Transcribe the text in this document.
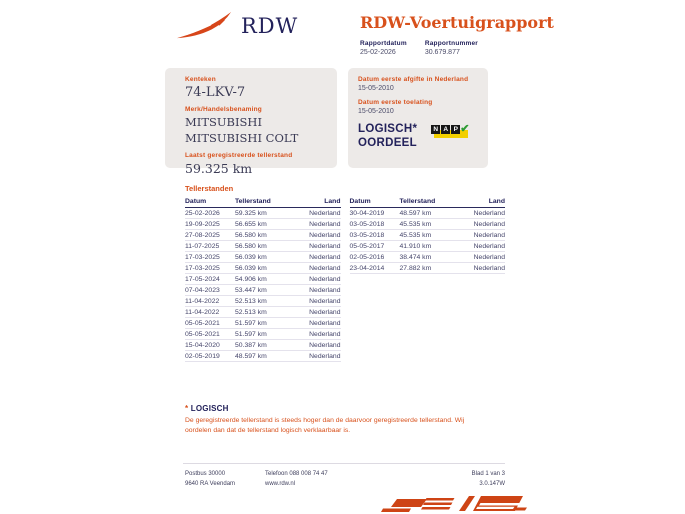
RDW	RDW-Voertuigrapport
Rapportdatum
25-02-2026
Rapportnummer
30.679.877
Kenteken
74-LKV-7
Merk/Handelsbenaming
MITSUBISHI
MITSUBISHI COLT
Laatst geregistreerde tellerstand
59.325 km
Datum eerste afgifte in Nederland
15-05-2010
Datum eerste toelating
15-05-2010
LOGISCH*
OORDEEL
N A P ✔
Tellerstanden
Datum	Tellerstand	Land
25-02-2026	59.325 km	Nederland
19-09-2025	56.655 km	Nederland
27-08-2025	56.580 km	Nederland
11-07-2025	56.580 km	Nederland
17-03-2025	56.039 km	Nederland
17-03-2025	56.039 km	Nederland
17-05-2024	54.906 km	Nederland
07-04-2023	53.447 km	Nederland
11-04-2022	52.513 km	Nederland
11-04-2022	52.513 km	Nederland
05-05-2021	51.597 km	Nederland
05-05-2021	51.597 km	Nederland
15-04-2020	50.387 km	Nederland
02-05-2019	48.597 km	Nederland
Datum	Tellerstand	Land
30-04-2019	48.597 km	Nederland
03-05-2018	45.535 km	Nederland
03-05-2018	45.535 km	Nederland
05-05-2017	41.910 km	Nederland
02-05-2016	38.474 km	Nederland
23-04-2014	27.882 km	Nederland
* LOGISCH
De geregistreerde tellerstand is steeds hoger dan de daarvoor geregistreerde tellerstand. Wij oordelen dan dat de tellerstand logisch verklaarbaar is.
Postbus 30000
9640 RA Veendam
Telefoon 088 008 74 47
www.rdw.nl
Blad 1 van 3
3.0.147W
